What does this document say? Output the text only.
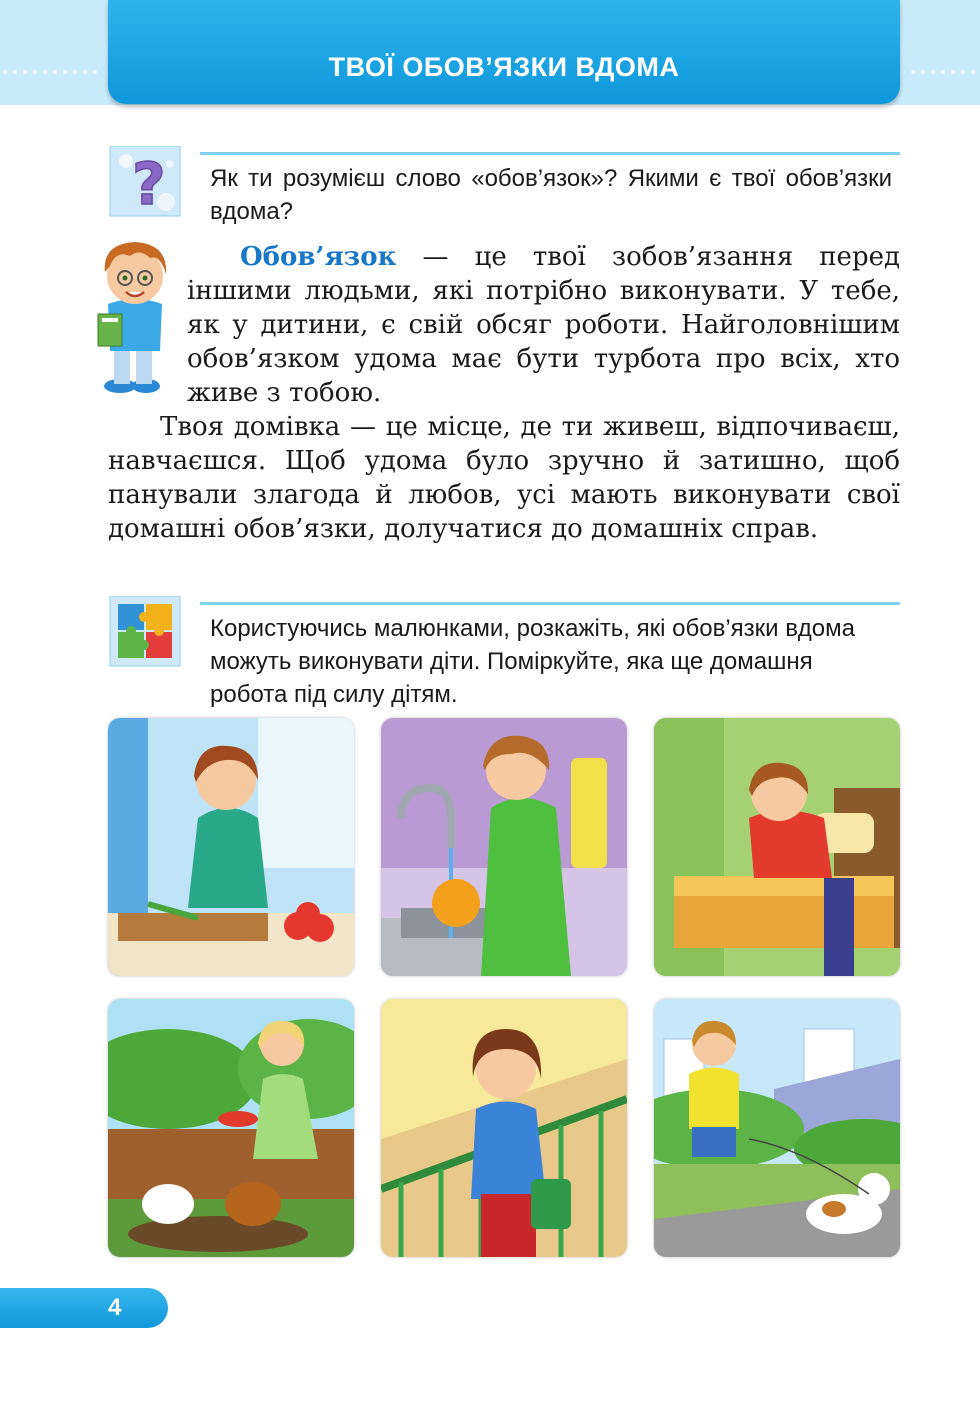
ТВОЇ ОБОВ’ЯЗКИ ВДОМА
? Як ти розумієш слово «обов’язок»? Якими є твої обов’язки вдома?
Обов’язок — це твої зобов’язання перед іншими людьми, які потрібно виконувати. У тебе, як у дитини, є свій обсяг роботи. Найголовнішим обов’язком удома має бути турбота про всіх, хто живе з тобою.
Твоя домівка — це місце, де ти живеш, відпочиваєш, навчаєшся. Щоб удома було зручно й затишно, щоб панували злагода й любов, усі мають виконувати свої домашні обов’язки, долучатися до домашніх справ.
Користуючись малюнками, розкажіть, які обов’язки вдома можуть виконувати діти. Поміркуйте, яка ще домашня робота під силу дітям.
4
